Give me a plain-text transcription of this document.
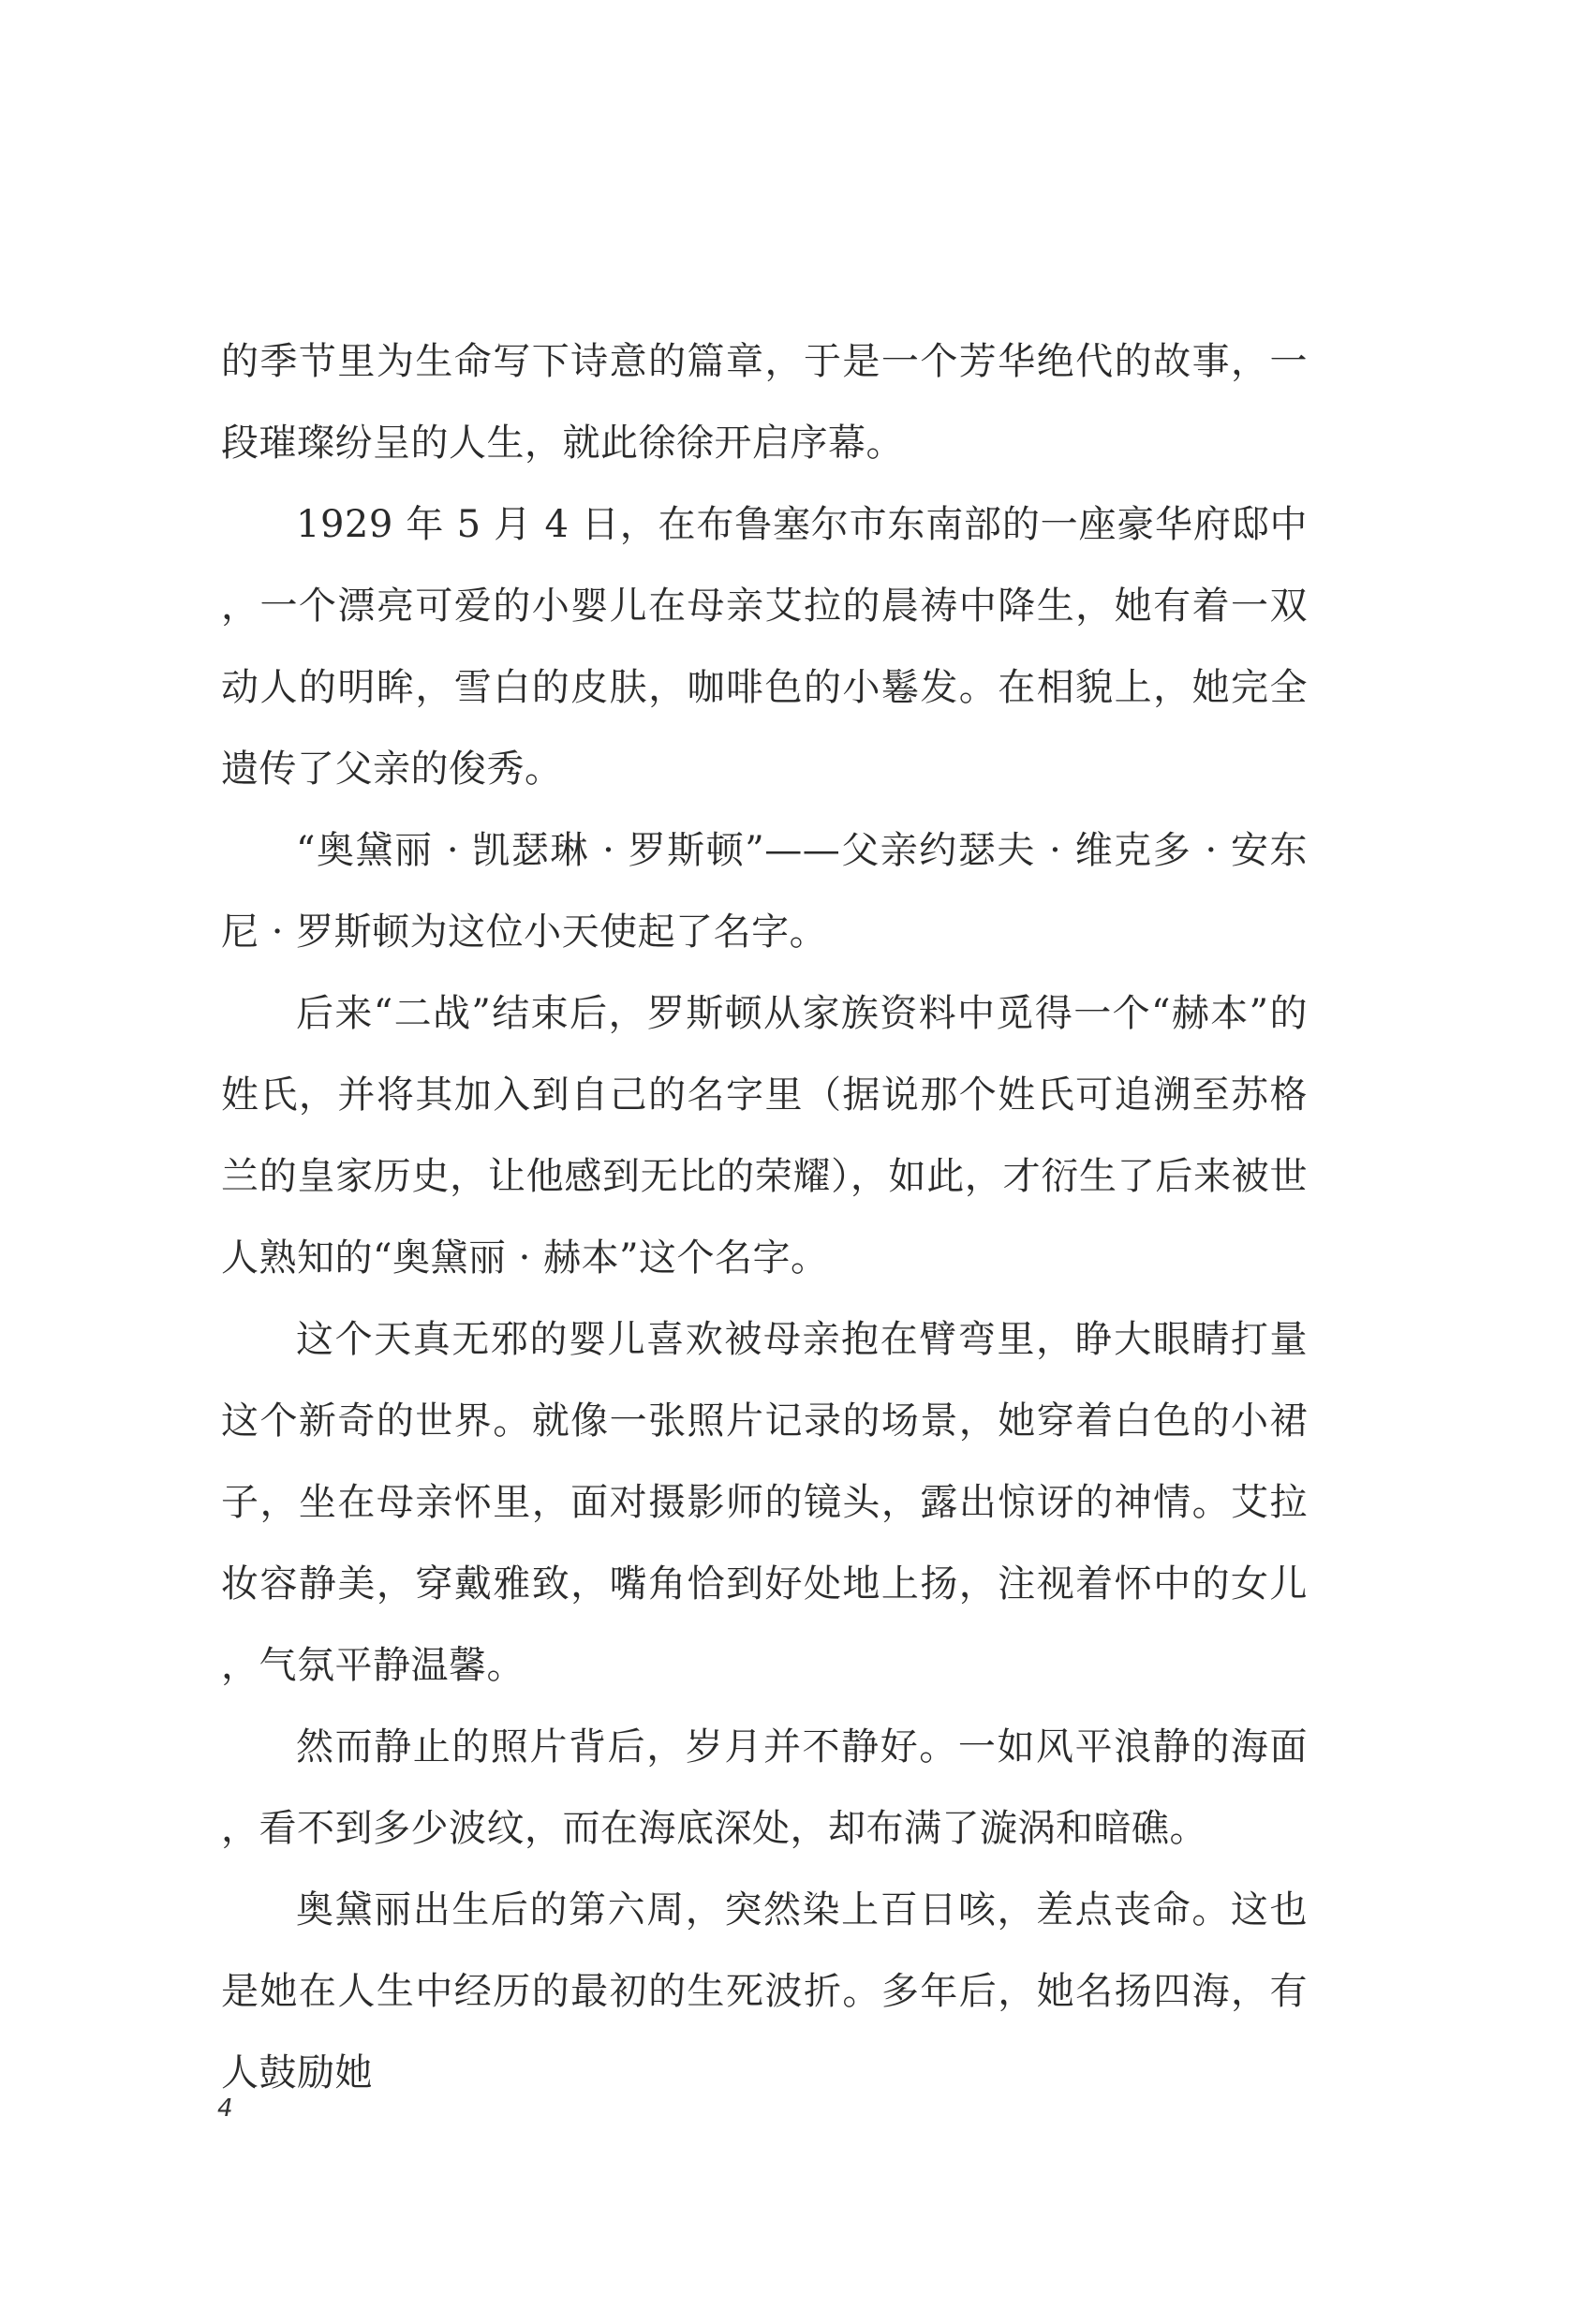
的季节里为生命写下诗意的篇章，于是一个芳华绝代的故事，一段璀璨纷呈的人生，就此徐徐开启序幕。

1929 年 5 月 4 日，在布鲁塞尔市东南部的一座豪华府邸中，一个漂亮可爱的小婴儿在母亲艾拉的晨祷中降生，她有着一双动人的明眸，雪白的皮肤，咖啡色的小鬈发。在相貌上，她完全遗传了父亲的俊秀。

“奥黛丽 · 凯瑟琳 · 罗斯顿”——父亲约瑟夫 · 维克多 · 安东尼 · 罗斯顿为这位小天使起了名字。

后来“二战”结束后，罗斯顿从家族资料中觅得一个“赫本”的姓氏，并将其加入到自己的名字里（据说那个姓氏可追溯至苏格兰的皇家历史，让他感到无比的荣耀），如此，才衍生了后来被世人熟知的“奥黛丽 · 赫本”这个名字。

这个天真无邪的婴儿喜欢被母亲抱在臂弯里，睁大眼睛打量这个新奇的世界。就像一张照片记录的场景，她穿着白色的小裙子，坐在母亲怀里，面对摄影师的镜头，露出惊讶的神情。艾拉妆容静美，穿戴雅致，嘴角恰到好处地上扬，注视着怀中的女儿，气氛平静温馨。

然而静止的照片背后，岁月并不静好。一如风平浪静的海面，看不到多少波纹，而在海底深处，却布满了漩涡和暗礁。

奥黛丽出生后的第六周，突然染上百日咳，差点丧命。这也是她在人生中经历的最初的生死波折。多年后，她名扬四海，有人鼓励她

4
